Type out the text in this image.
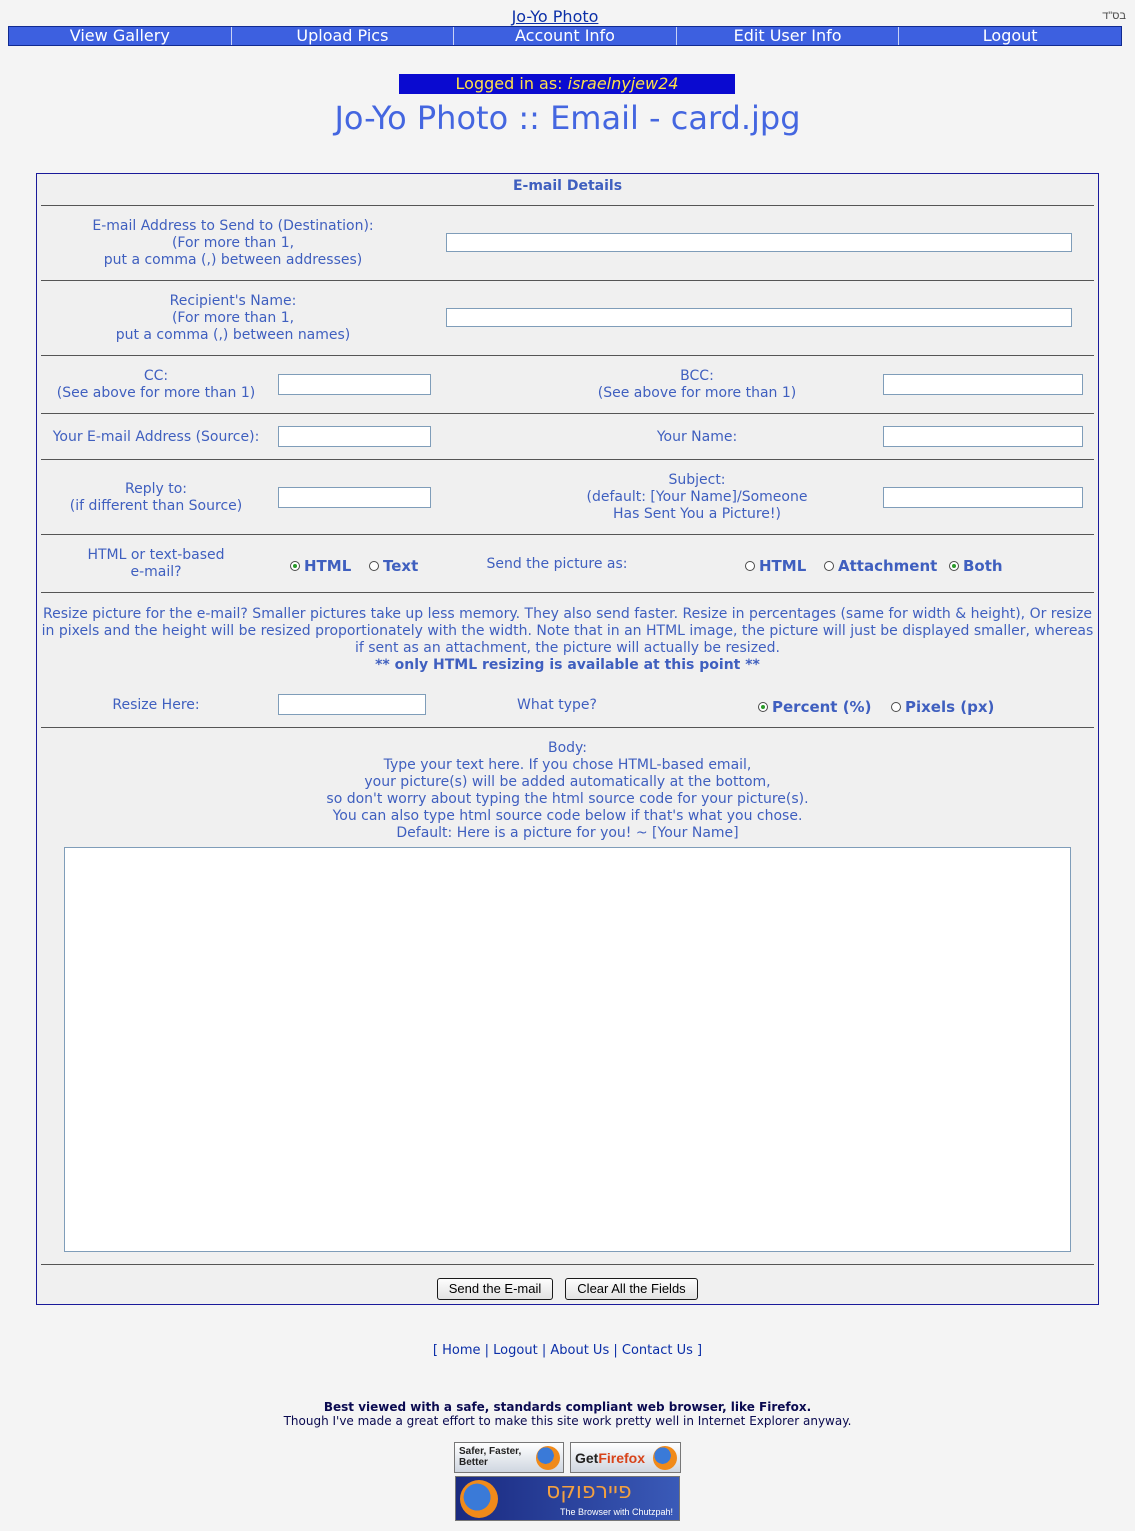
Jo-Yo Photo	בס"ד
View Gallery	Upload Pics	Account Info	Edit User Info	Logout
Logged in as: israelnyjew24
Jo-Yo Photo :: Email - card.jpg
E-mail Details
E-mail Address to Send to (Destination):
(For more than 1,
put a comma (,) between addresses)
Recipient's Name:
(For more than 1,
put a comma (,) between names)
CC:
(See above for more than 1)
BCC:
(See above for more than 1)
Your E-mail Address (Source):	Your Name:
Reply to:
(if different than Source)
Subject:
(default: [Your Name]/Someone
Has Sent You a Picture!)
HTML or text-based
e-mail?	HTML Text	Send the picture as:	HTML Attachment Both
Resize picture for the e-mail? Smaller pictures take up less memory. They also send faster. Resize in percentages (same for width & height), Or resize in pixels and the height will be resized proportionately with the width. Note that in an HTML image, the picture will just be displayed smaller, whereas if sent as an attachment, the picture will actually be resized.
** only HTML resizing is available at this point **
Resize Here:	What type?	Percent (%) Pixels (px)
Body:
Type your text here. If you chose HTML-based email,
your picture(s) will be added automatically at the bottom,
so don't worry about typing the html source code for your picture(s).
You can also type html source code below if that's what you chose.
Default: Here is a picture for you! ~ [Your Name]
Send the E-mail	Clear All the Fields
[ Home | Logout | About Us | Contact Us ]
Best viewed with a safe, standards compliant web browser, like Firefox.
Though I've made a great effort to make this site work pretty well in Internet Explorer anyway.
Safer, Faster,
Better	GetFirefox
פיירפוקס
The Browser with Chutzpah!
